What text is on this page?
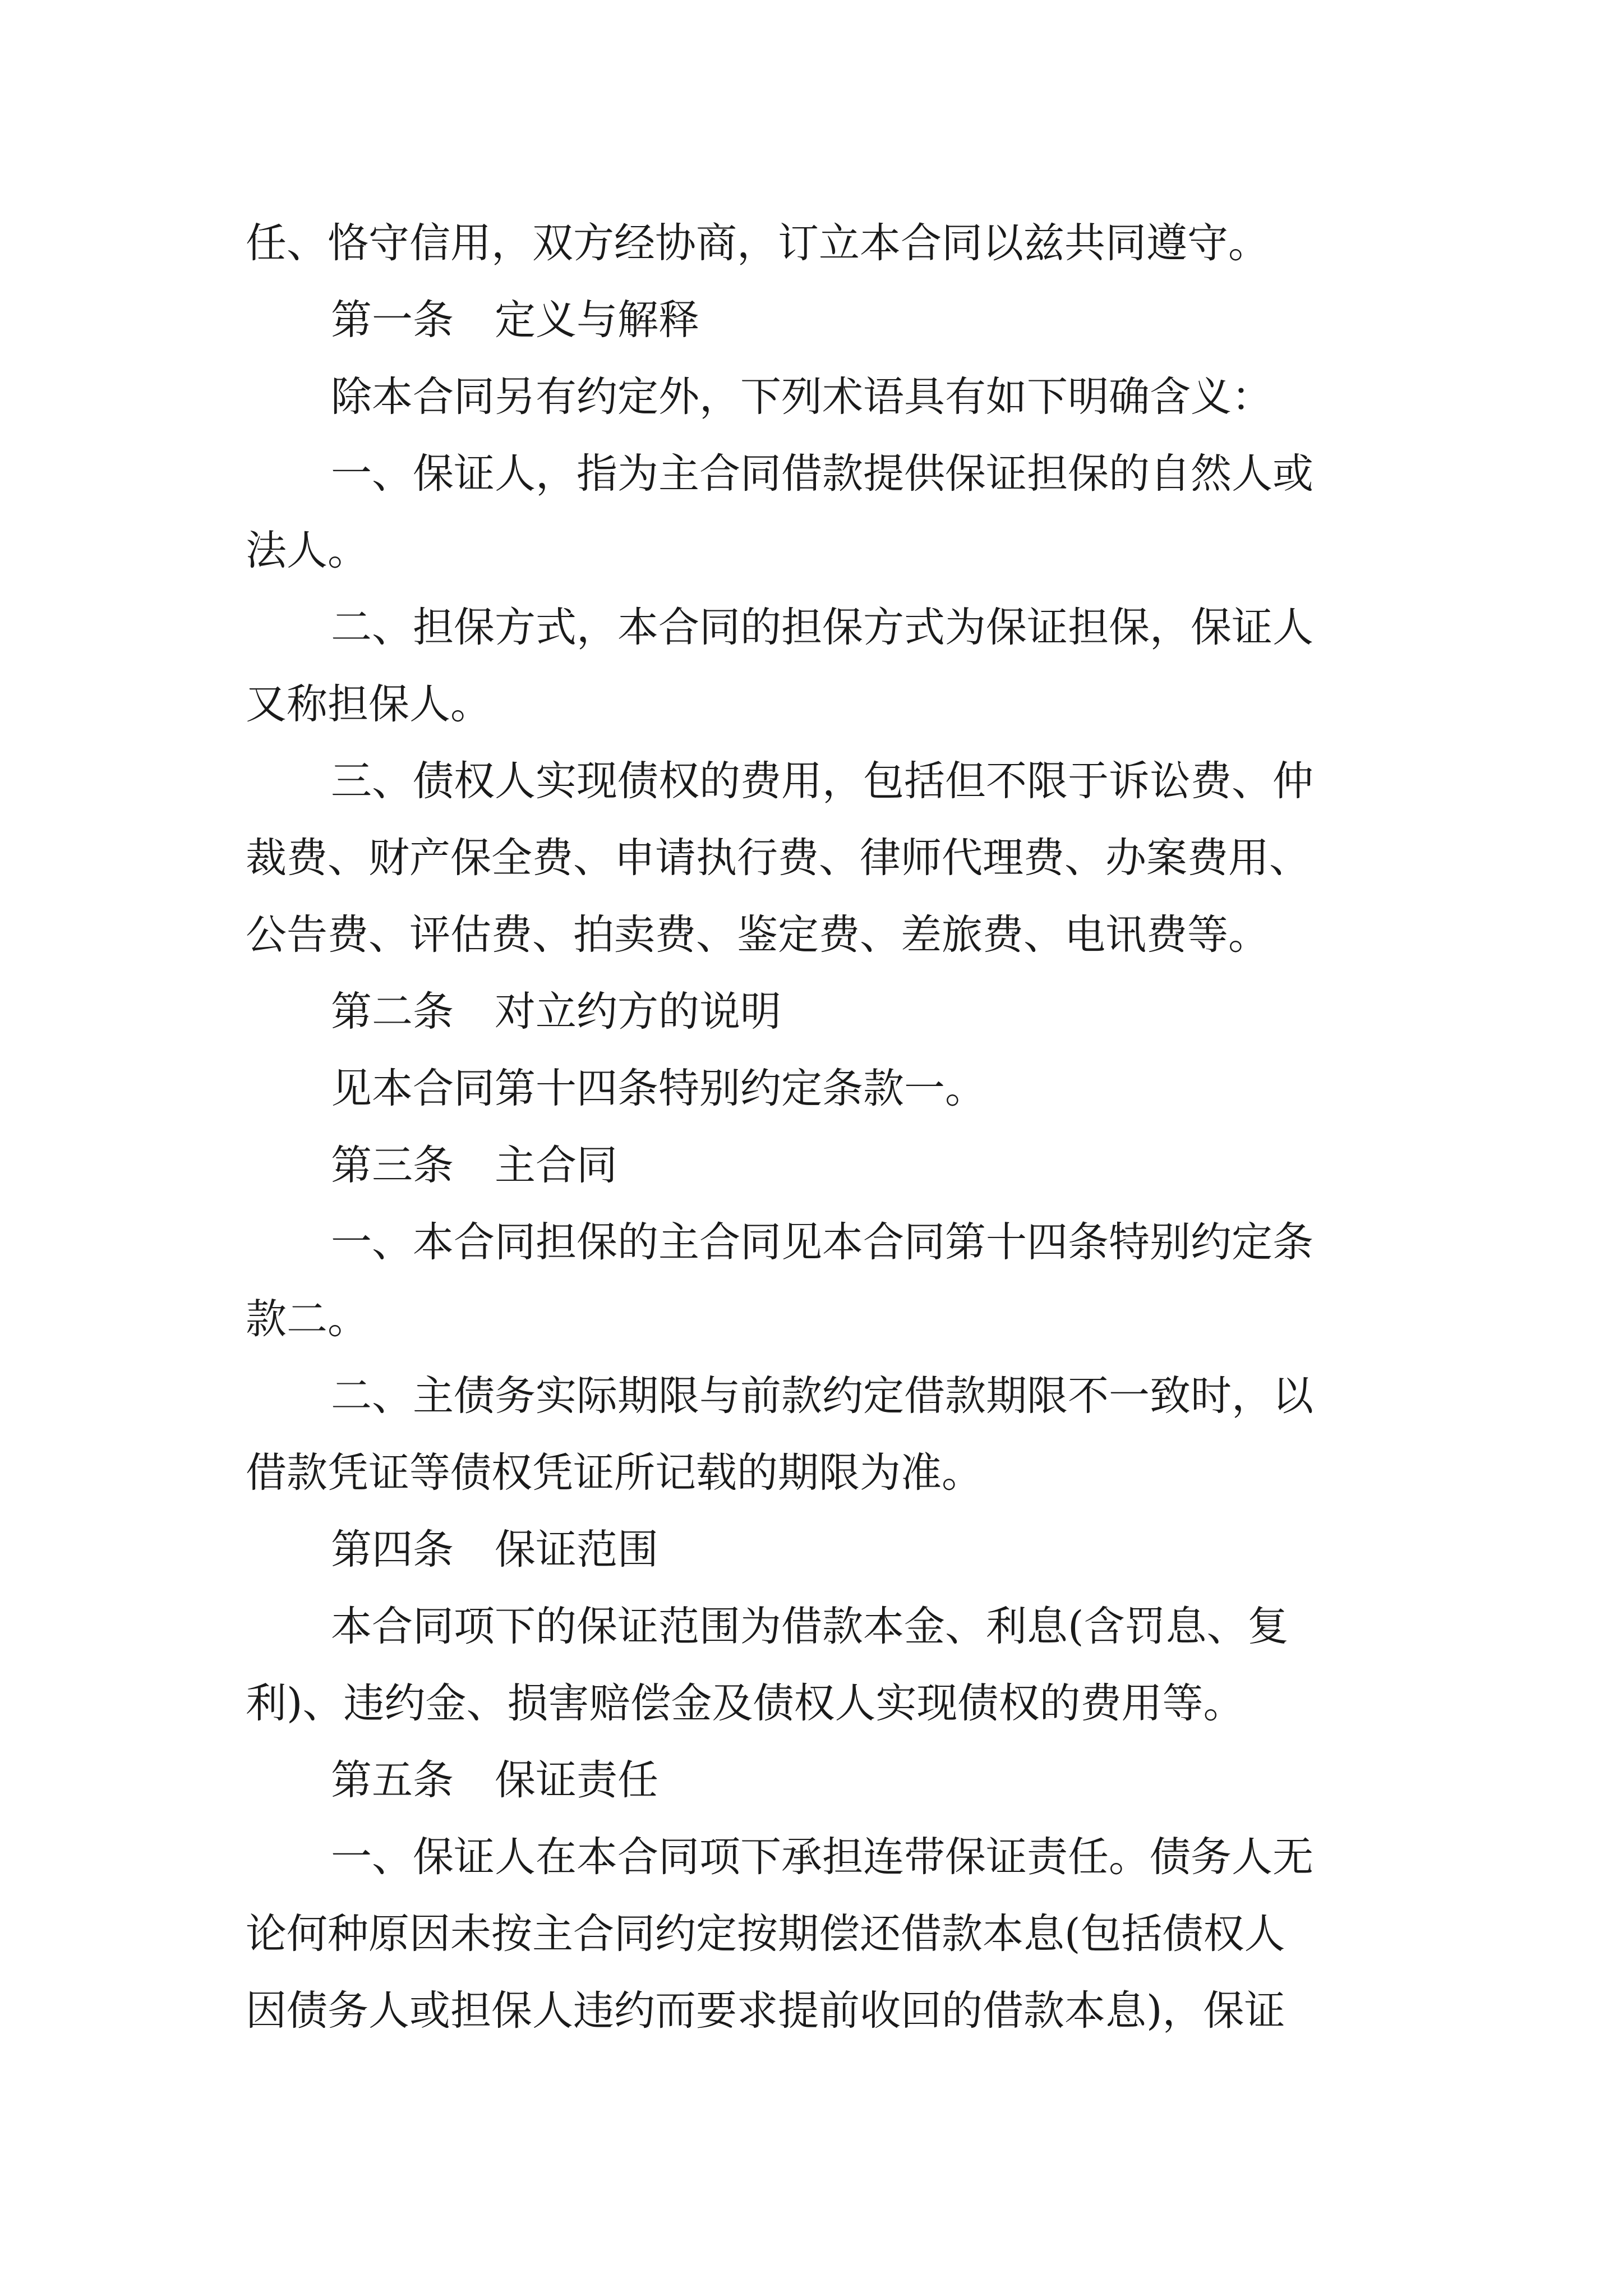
任、恪守信用，双方经协商，订立本合同以兹共同遵守。

第一条　定义与解释

除本合同另有约定外，下列术语具有如下明确含义：

一、保证人，指为主合同借款提供保证担保的自然人或

法人。

二、担保方式，本合同的担保方式为保证担保，保证人

又称担保人。

三、债权人实现债权的费用，包括但不限于诉讼费、仲

裁费、财产保全费、申请执行费、律师代理费、办案费用、

公告费、评估费、拍卖费、鉴定费、差旅费、电讯费等。

第二条　对立约方的说明

见本合同第十四条特别约定条款一。

第三条　主合同

一、本合同担保的主合同见本合同第十四条特别约定条

款二。

二、主债务实际期限与前款约定借款期限不一致时，以

借款凭证等债权凭证所记载的期限为准。

第四条　保证范围

本合同项下的保证范围为借款本金、利息(含罚息、复

利)、违约金、损害赔偿金及债权人实现债权的费用等。

第五条　保证责任

一、保证人在本合同项下承担连带保证责任。债务人无

论何种原因未按主合同约定按期偿还借款本息(包括债权人

因债务人或担保人违约而要求提前收回的借款本息)，保证
